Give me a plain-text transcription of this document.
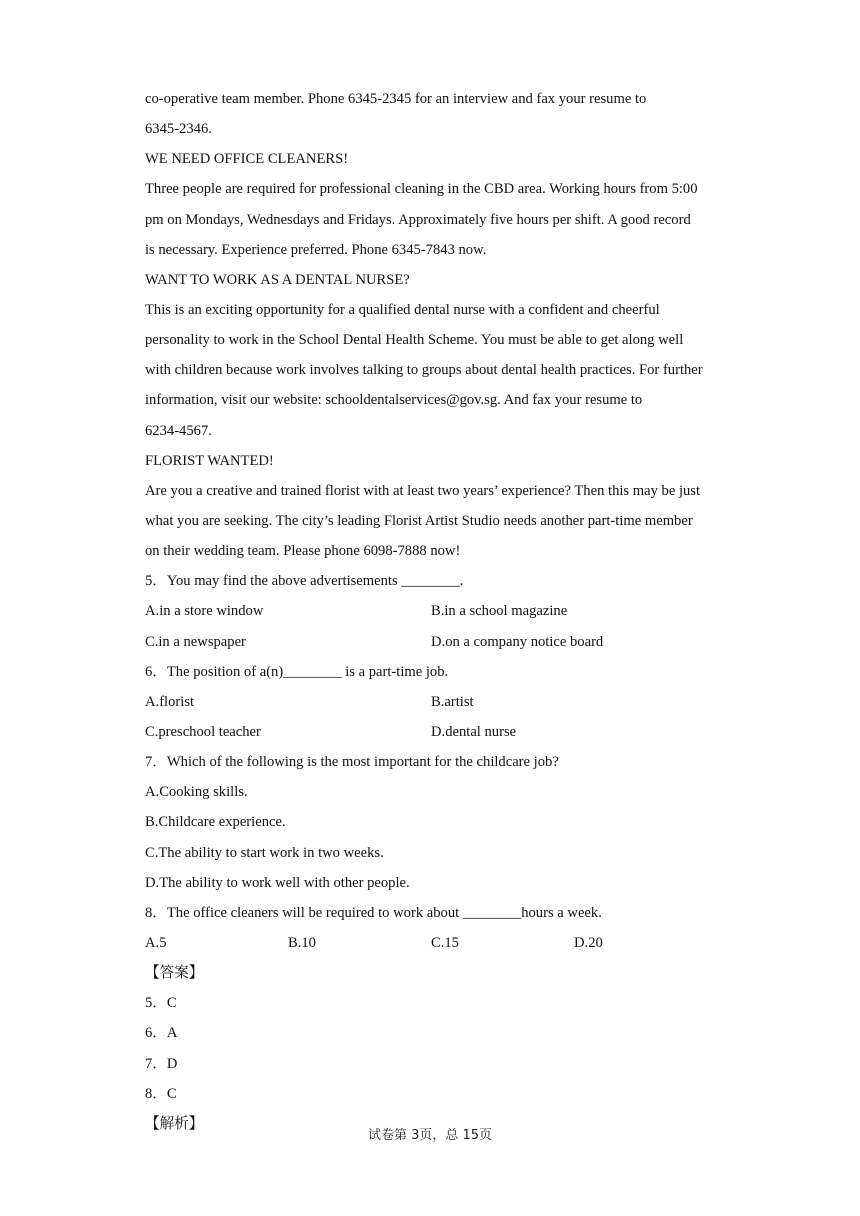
co-operative team member. Phone 6345-2345 for an interview and fax your resume to
6345-2346.
WE NEED OFFICE CLEANERS!
Three people are required for professional cleaning in the CBD area. Working hours from 5:00
pm on Mondays, Wednesdays and Fridays. Approximately five hours per shift. A good record
is necessary. Experience preferred. Phone 6345-7843 now.
WANT TO WORK AS A DENTAL NURSE?
This is an exciting opportunity for a qualified dental nurse with a confident and cheerful
personality to work in the School Dental Health Scheme. You must be able to get along well
with children because work involves talking to groups about dental health practices. For further
information, visit our website: schooldentalservices@gov.sg. And fax your resume to
6234-4567.
FLORIST WANTED!
Are you a creative and trained florist with at least two years’ experience? Then this may be just
what you are seeking. The city’s leading Florist Artist Studio needs another part-time member
on their wedding team. Please phone 6098-7888 now!
5．You may find the above advertisements ________.
A.in a store window	B.in a school magazine
C.in a newspaper	D.on a company notice board
6．The position of a(n)________ is a part-time job.
A.florist	B.artist
C.preschool teacher	D.dental nurse
7．Which of the following is the most important for the childcare job?
A.Cooking skills.
B.Childcare experience.
C.The ability to start work in two weeks.
D.The ability to work well with other people.
8．The office cleaners will be required to work about ________hours a week.
A.5	B.10	C.15	D.20
【答案】
5．C
6．A
7．D
8．C
【解析】
试卷第 3页，总 15页
